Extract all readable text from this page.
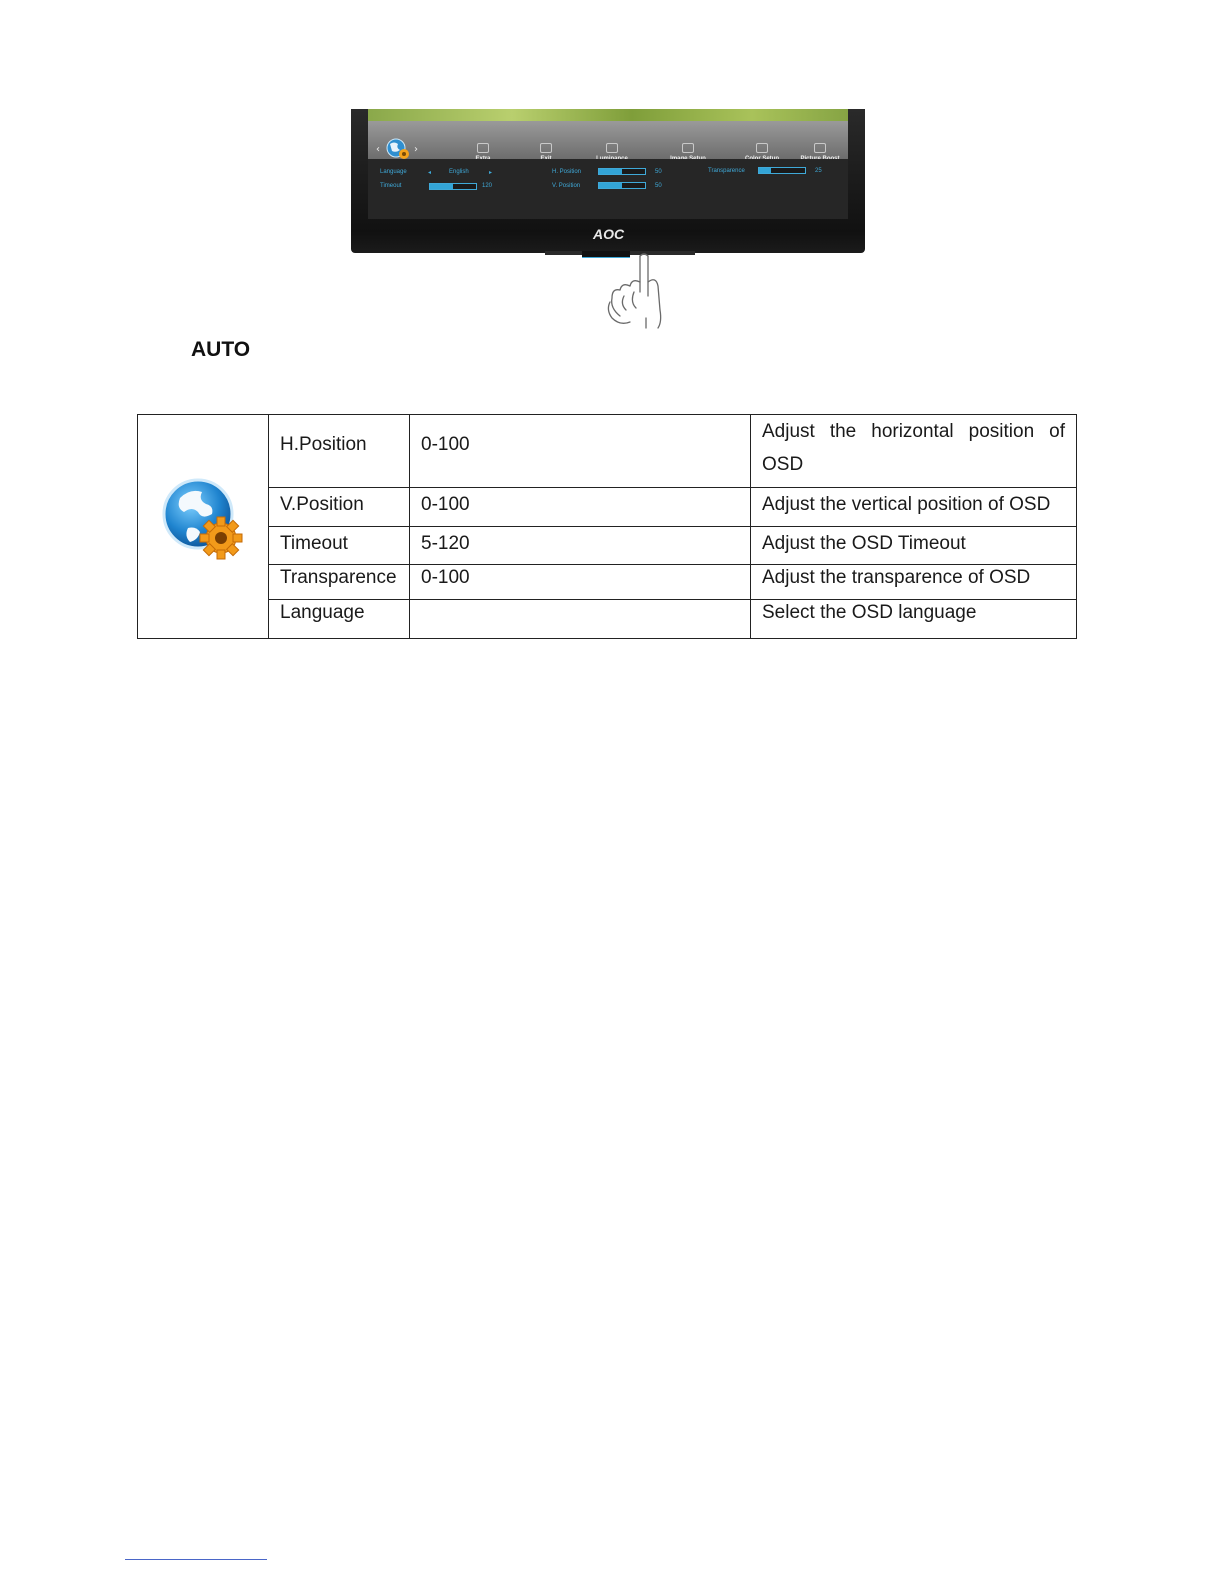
‹	›
Language	◂	English	▸
Timeout	120
H. Position	50
V. Position	50
Transparence	25
AOC
AUTO
	H.Position	0-100	Adjust the horizontal position of OSD
	V.Position	0-100	Adjust the vertical position of OSD
	Timeout	5-120	Adjust the OSD Timeout
	Transparence	0-100	Adjust the transparence of OSD
	Language		Select the OSD language
